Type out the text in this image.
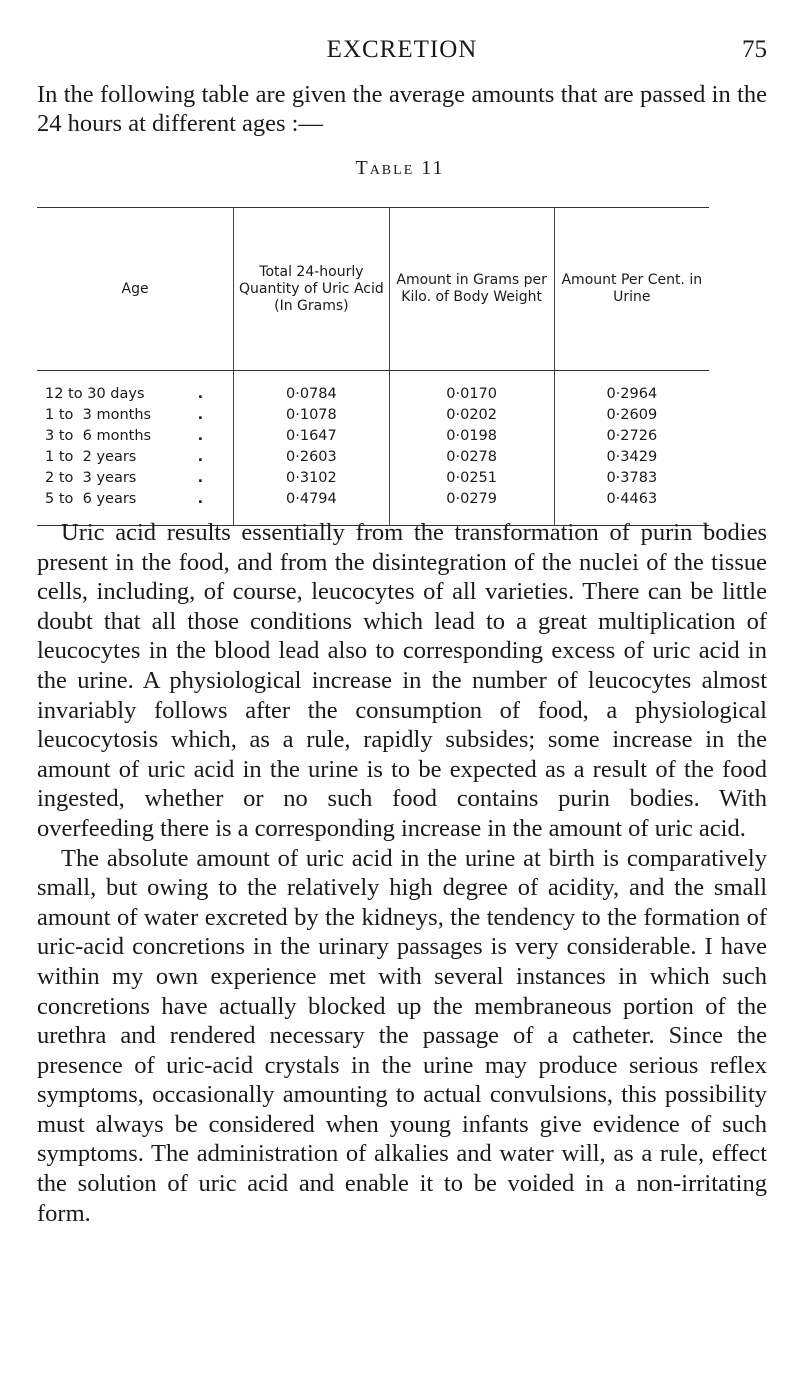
EXCRETION	75
In the following table are given the average amounts that are passed in the 24 hours at different ages :—
Table 11
Age	Total 24-hourly Quantity of Uric Acid (In Grams)	Amount in Grams per Kilo. of Body Weight	Amount Per Cent. in Urine

12 to 30 days .	0·0784	0·0170	0·2964

1 to  3 months .	0·1078	0·0202	0·2609

3 to  6 months .	0·1647	0·0198	0·2726

1 to  2 years .	0·2603	0·0278	0·3429

2 to  3 years .	0·3102	0·0251	0·3783

5 to  6 years .	0·4794	0·0279	0·4463

Uric acid results essentially from the transformation of purin bodies present in the food, and from the disintegration of the nuclei of the tissue cells, including, of course, leucocytes of all varieties. There can be little doubt that all those conditions which lead to a great multiplication of leucocytes in the blood lead also to corresponding excess of uric acid in the urine. A physiological increase in the number of leucocytes almost invariably follows after the consumption of food, a physiological leucocytosis which, as a rule, rapidly subsides; some increase in the amount of uric acid in the urine is to be expected as a result of the food ingested, whether or no such food contains purin bodies. With overfeeding there is a corresponding increase in the amount of uric acid.

The absolute amount of uric acid in the urine at birth is comparatively small, but owing to the relatively high degree of acidity, and the small amount of water excreted by the kidneys, the tendency to the formation of uric-acid concretions in the urinary passages is very considerable. I have within my own experience met with several instances in which such concretions have actually blocked up the membraneous portion of the urethra and rendered necessary the passage of a catheter. Since the presence of uric-acid crystals in the urine may produce serious reflex symptoms, occasionally amounting to actual convulsions, this possibility must always be considered when young infants give evidence of such symptoms. The administration of alkalies and water will, as a rule, effect the solution of uric acid and enable it to be voided in a non-irritating form.
